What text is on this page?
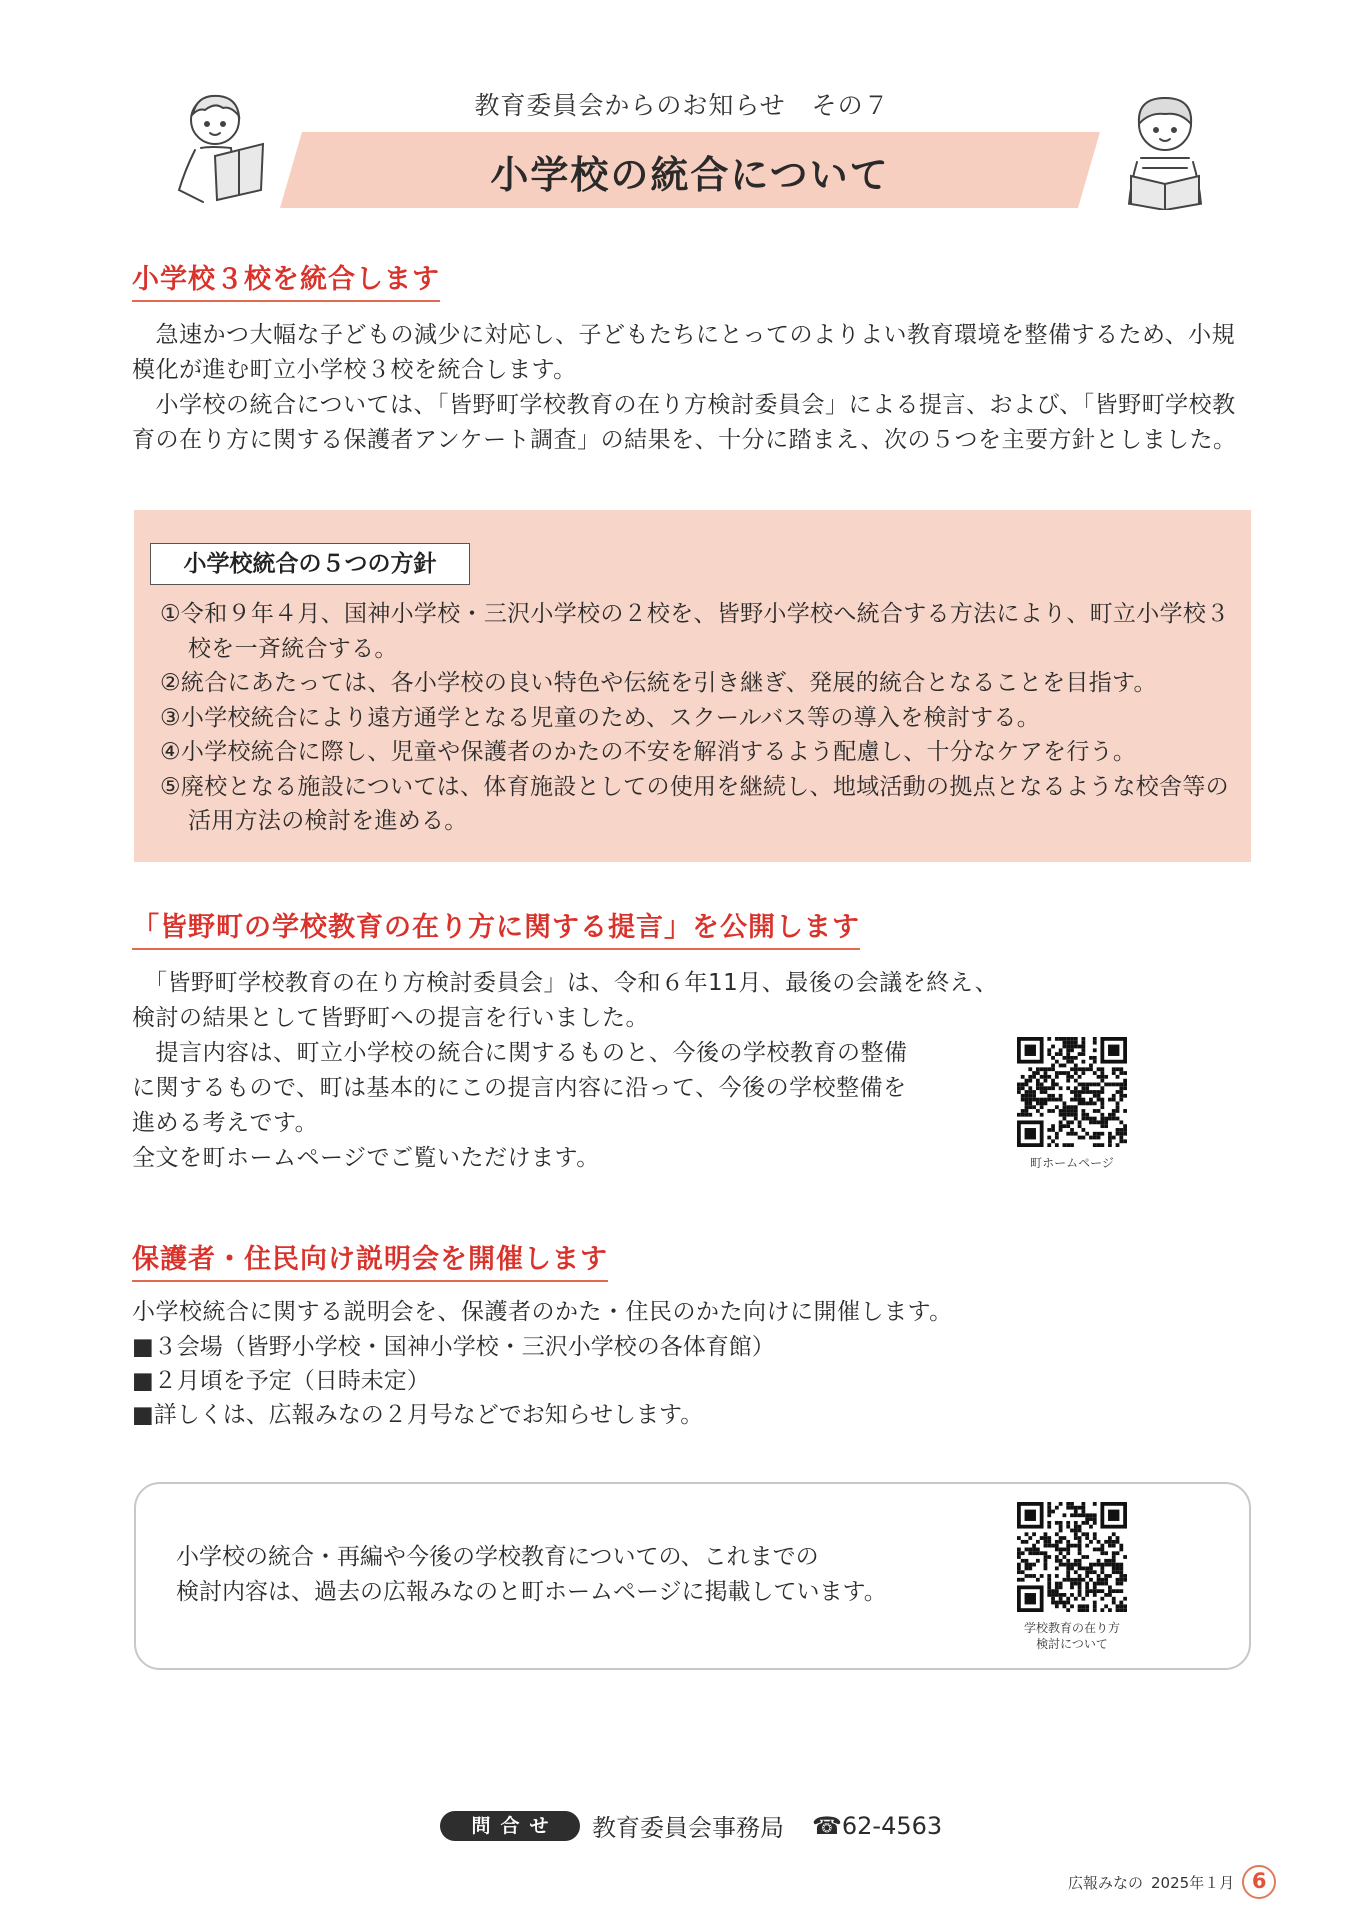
教育委員会からのお知らせ　その７
小学校の統合について
小学校３校を統合します

　急速かつ大幅な子どもの減少に対応し、子どもたちにとってのよりよい教育環境を整備するため、小規模化が進む町立小学校３校を統合します。

　小学校の統合については、「皆野町学校教育の在り方検討委員会」による提言、および、「皆野町学校教育の在り方に関する保護者アンケート調査」の結果を、十分に踏まえ、次の５つを主要方針としました。

小学校統合の５つの方針
①令和９年４月、国神小学校・三沢小学校の２校を、皆野小学校へ統合する方法により、町立小学校３校を一斉統合する。
②統合にあたっては、各小学校の良い特色や伝統を引き継ぎ、発展的統合となることを目指す。
③小学校統合により遠方通学となる児童のため、スクールバス等の導入を検討する。
④小学校統合に際し、児童や保護者のかたの不安を解消するよう配慮し、十分なケアを行う。
⑤廃校となる施設については、体育施設としての使用を継続し、地域活動の拠点となるような校舎等の活用方法の検討を進める。
「皆野町の学校教育の在り方に関する提言」を公開します
　「皆野町学校教育の在り方検討委員会」は、令和６年11月、最後の会議を終え、
検討の結果として皆野町への提言を行いました。
　提言内容は、町立小学校の統合に関するものと、今後の学校教育の整備
に関するもので、町は基本的にこの提言内容に沿って、今後の学校整備を
進める考えです。
全文を町ホームページでご覧いただけます。	町ホームページ
保護者・住民向け説明会を開催します

小学校統合に関する説明会を、保護者のかた・住民のかた向けに開催します。

■３会場（皆野小学校・国神小学校・三沢小学校の各体育館）
■２月頃を予定（日時未定）
■詳しくは、広報みなの２月号などでお知らせします。
小学校の統合・再編や今後の学校教育についての、これまでの
検討内容は、過去の広報みなのと町ホームページに掲載しています。
学校教育の在り方
検討について
問合せ	教育委員会事務局 ☎62-4563
広報みなの 2025年１月 6
